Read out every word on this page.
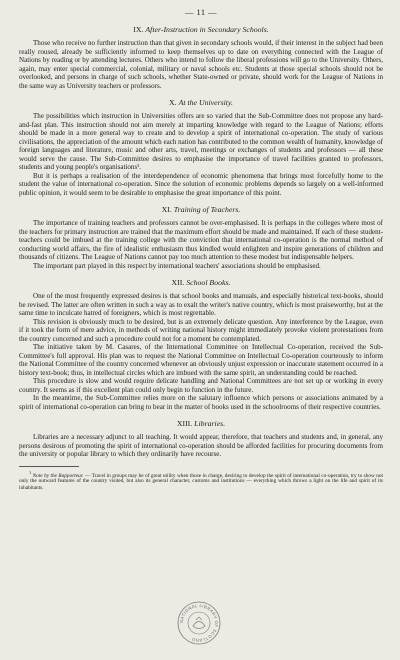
— 11 —
IX. After-Instruction in Secondary Schools.

Those who receive no further instruction than that given in secondary schools would, if their interest in the subject had been really roused, already be sufficiently informed to keep themselves up to date on everything connected with the League of Nations by reading or by attending lectures. Others who intend to follow the liberal professions will go to the University. Others, again, may enter special commercial, colonial, military or naval schools etc. Students at those special schools should not be overlooked, and persons in charge of such schools, whether State-owned or private, should work for the League of Nations in the same way as University teachers or professors.

X. At the University.

The possibilities which instruction in Universities offers are so varied that the Sub-Committee does not propose any hard-and-fast plan. This instruction should not aim merely at imparting knowledge with regard to the League of Nations; efforts should be made in a more general way to create and to develop a spirit of international co-operation. The study of various civilisations, the appreciation of the amount which each nation has contributed to the common wealth of humanity, knowledge of foreign languages and literature, music and other arts, travel, meetings or exchanges of students and professors — all these would serve the cause. The Sub-Committee desires to emphasise the importance of travel facilities granted to professors, students and young people's organisations¹.

But it is perhaps a realisation of the interdependence of economic phenomena that brings most forcefully home to the student the value of international co-operation. Since the solution of economic problems depends so largely on a well-informed public opinion, it would seem to be desirable to emphasise the great importance of this point.

XI. Training of Teachers.

The importance of training teachers and professors cannot be over-emphasised. It is perhaps in the colleges where most of the teachers for primary instruction are trained that the maximum effort should be made and maintained. If each of these student-teachers could be imbued at the training college with the conviction that international co-operation is the normal method of conducting world affairs, the fire of idealistic enthusiasm thus kindled would enlighten and inspire generations of children and thousands of citizens. The League of Nations cannot pay too much attention to these modest but indispensable helpers.

The important part played in this respect by international teachers' associations should be emphasised.

XII. School Books.

One of the most frequently expressed desires is that school books and manuals, and especially historical text-books, should be revised. The latter are often written in such a way as to exalt the writer's native country, which is most praiseworthy, but at the same time to inculcate hatred of foreigners, which is most regrettable.

This revision is obviously much to be desired, but is an extremely delicate question. Any interference by the League, even if it took the form of mere advice, in methods of writing national history might immediately provoke violent protestations from the country concerned and such a procedure could not for a moment be contemplated.

The initiative taken by M. Casares, of the International Committee on Intellectual Co-operation, received the Sub-Committee's full approval. His plan was to request the National Committee on Intellectual Co-operation courteously to inform the National Committee of the country concerned whenever an obviously unjust expression or inaccurate statement occurred in a history text-book; thus, in intellectual circles which are imbued with the same spirit, an understanding could be reached.

This procedure is slow and would require delicate handling and National Committees are not set up or working in every country. It seems as if this excellent plan could only begin to function in the future.

In the meantime, the Sub-Committee relies more on the salutary influence which persons or associations animated by a spirit of international co-operation can bring to bear in the matter of books used in the schoolrooms of their respective countries.

XIII. Libraries.

Libraries are a necessary adjunct to all teaching. It would appear, therefore, that teachers and students and, in general, any persons desirous of promoting the spirit of international co-operation should be afforded facilities for procuring documents from the university or popular library to which they ordinarily have recourse.

$^1$ Note by the Rapporteur. — Travel in groups may be of great utility when those in charge, desiring to develop the spirit of international co-operation, try to show not only the outward features of the country visited, but also its general character, customs and institutions — everything which throws a light on the life and spirit of its inhabitants.
NATIONAL LIBRARY OF SCOTLAND
